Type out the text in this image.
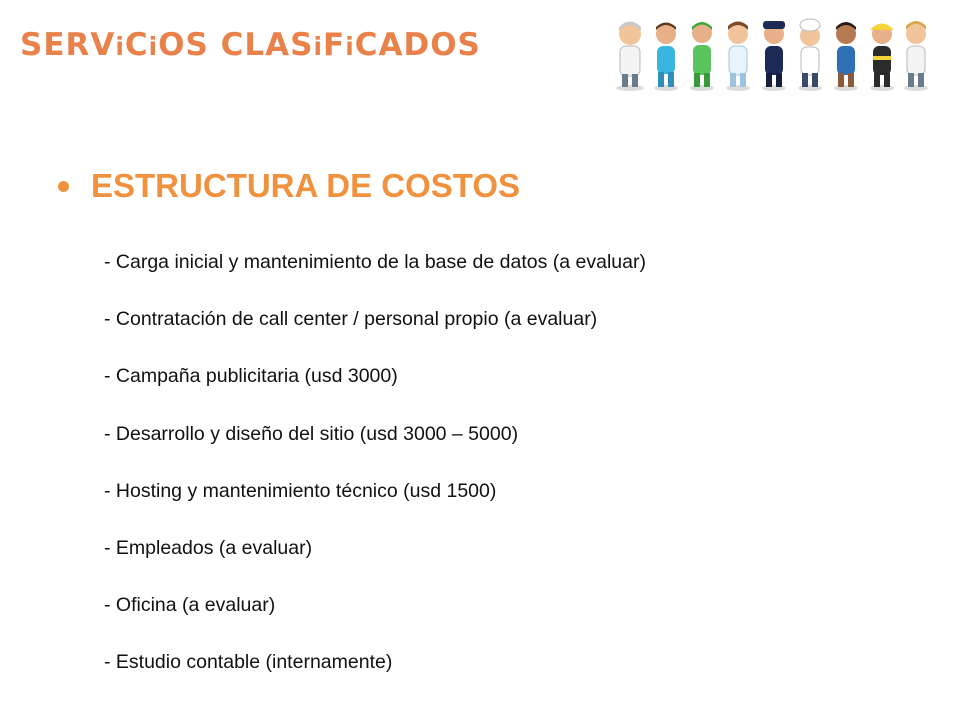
SERViCiOS CLASiFiCADOS
ESTRUCTURA DE COSTOS
- Carga inicial y mantenimiento de la base de datos (a evaluar)
- Contratación de call center / personal propio (a evaluar)
- Campaña publicitaria (usd 3000)
- Desarrollo y diseño del sitio (usd 3000 – 5000)
- Hosting y mantenimiento técnico (usd 1500)
- Empleados (a evaluar)
- Oficina (a evaluar)
- Estudio contable (internamente)
